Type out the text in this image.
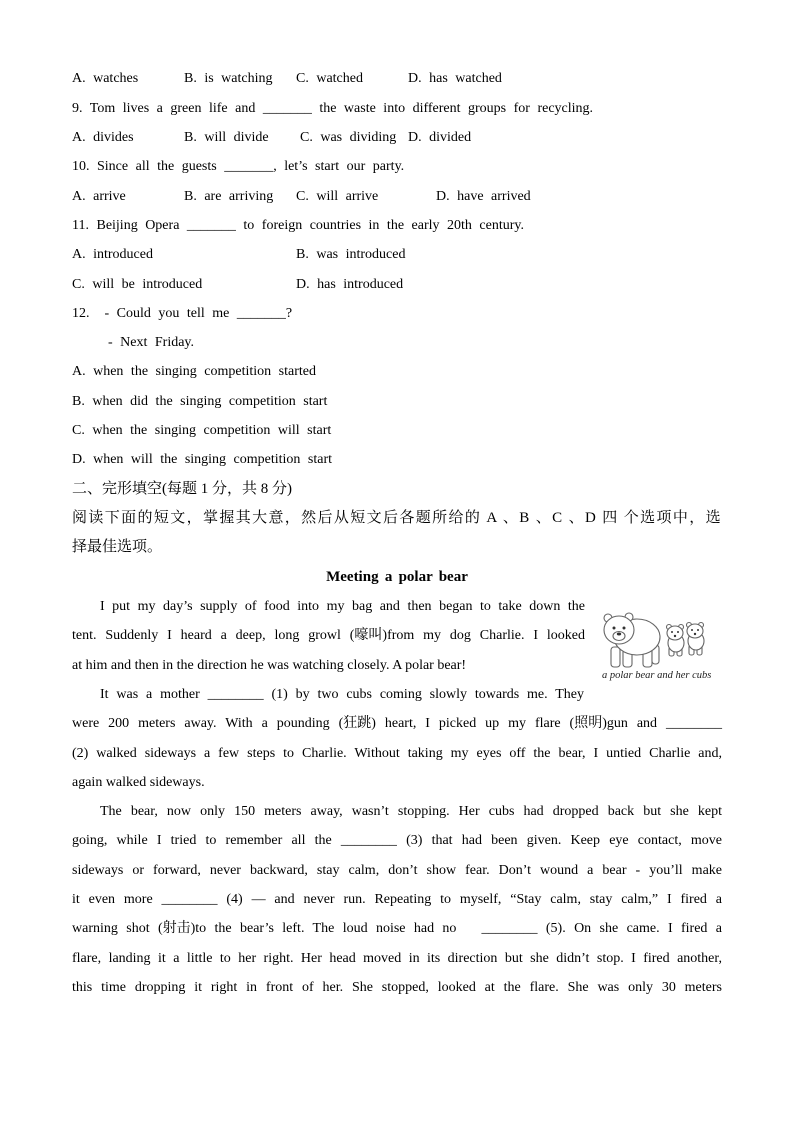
A. watches

	B. is watching

C. watched

	D. has watched

9. Tom lives a green life and _______ the waste into different groups for recycling.

A. divides

	B. will divide

C. was dividing

D. divided

10. Since all the guests _______, let’s start our party.

A. arrive

	B. are arriving

C. will arrive

	D. have arrived

11. Beijing Opera _______ to foreign countries in the early 20th century.

A. introduced

	B. was introduced

C. will be introduced

	D. has introduced

12.  - Could you tell me _______?
- Next Friday.
A. when the singing competition started
B. when did the singing competition start
C. when the singing competition will start
D. when will the singing competition start
二、完形填空(每题 1 分，共 8 分)
阅读下面的短文，掌握其大意，然后从短文后各题所给的 A 、B 、C 、D 四 个选项中，选
择最佳选项。
Meeting a polar bear
I put my day’s supply of food into my bag and then began to take down the
tent. Suddenly I heard a deep, long growl (嚎叫)from my dog Charlie. I looked
at him and then in the direction he was watching closely. A polar bear!
It was a mother ________ (1) by two cubs coming slowly towards me. They
were 200 meters away. With a pounding (狂跳) heart, I picked up my flare (照明)gun and ________
(2) walked sideways a few steps to Charlie. Without taking my eyes off the bear, I untied Charlie and,
again walked sideways.
The bear, now only 150 meters away, wasn’t stopping. Her cubs had dropped back but she kept
going, while I tried to remember all the ________ (3) that had been given. Keep eye contact, move
sideways or forward, never backward, stay calm, don’t show fear. Don’t wound a bear - you’ll make
it even more ________ (4) — and never run. Repeating to myself, “Stay calm, stay calm,” I fired a
warning shot (射击)to the bear’s left. The loud noise had no   ________ (5). On she came. I fired a
flare, landing it a little to her right. Her head moved in its direction but she didn’t stop. I fired another,
this time dropping it right in front of her. She stopped, looked at the flare. She was only 30 meters
a polar bear and her cubs
